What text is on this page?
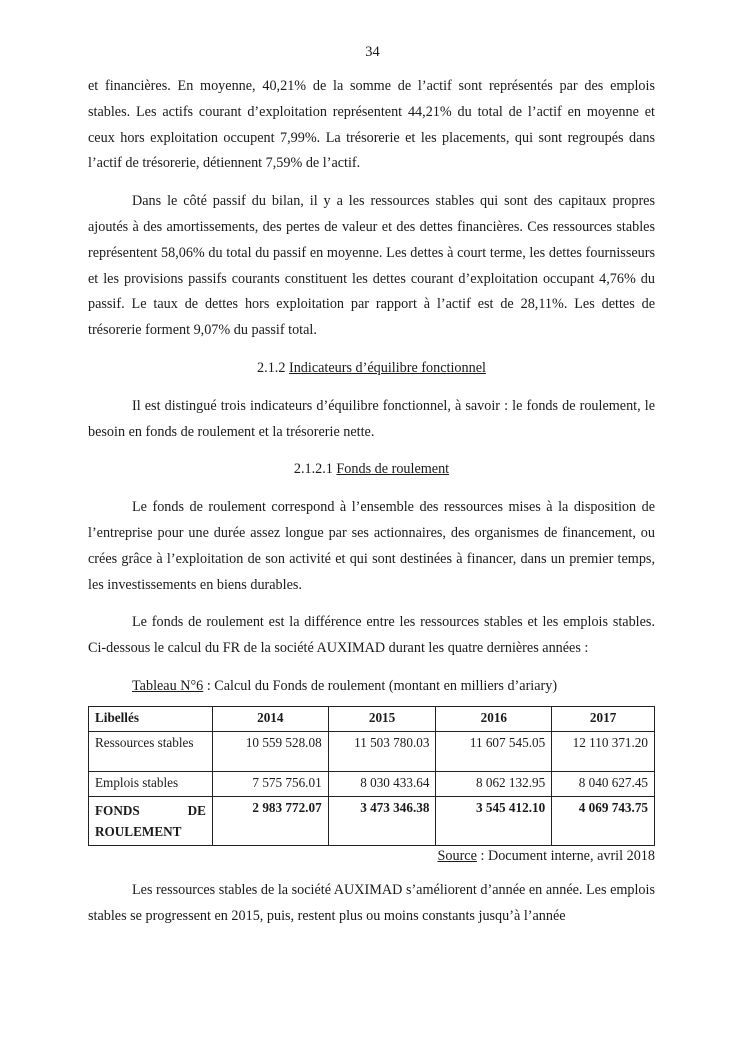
34

et financières. En moyenne, 40,21% de la somme de l’actif sont représentés par des emplois stables. Les actifs courant d’exploitation représentent 44,21% du total de l’actif en moyenne et ceux hors exploitation occupent 7,99%. La trésorerie et les placements, qui sont regroupés dans l’actif de trésorerie, détiennent 7,59% de l’actif.

Dans le côté passif du bilan, il y a les ressources stables qui sont des capitaux propres ajoutés à des amortissements, des pertes de valeur et des dettes financières. Ces ressources stables représentent 58,06% du total du passif en moyenne. Les dettes à court terme, les dettes fournisseurs et les provisions passifs courants constituent les dettes courant d’exploitation occupant 4,76% du passif. Le taux de dettes hors exploitation par rapport à l’actif est de 28,11%. Les dettes de trésorerie forment 9,07% du passif total.

2.1.2 Indicateurs d’équilibre fonctionnel

Il est distingué trois indicateurs d’équilibre fonctionnel, à savoir : le fonds de roulement, le besoin en fonds de roulement et la trésorerie nette.

2.1.2.1 Fonds de roulement

Le fonds de roulement correspond à l’ensemble des ressources mises à la disposition de l’entreprise pour une durée assez longue par ses actionnaires, des organismes de financement, ou crées grâce à l’exploitation de son activité et qui sont destinées à financer, dans un premier temps, les investissements en biens durables.

Le fonds de roulement est la différence entre les ressources stables et les emplois stables. Ci-dessous le calcul du FR de la société AUXIMAD durant les quatre dernières années :

Tableau N°6 : Calcul du Fonds de roulement (montant en milliers d’ariary)

Libellés	2014	2015	2016	2017
Ressources stables	10 559 528.08	11 503 780.03	11 607 545.05	12 110 371.20
Emplois stables	7 575 756.01	8 030 433.64	8 062 132.95	8 040 627.45

FONDS DE
ROULEMENT	2 983 772.07	3 473 346.38	3 545 412.10	4 069 743.75

Source : Document interne, avril 2018

Les ressources stables de la société AUXIMAD s’améliorent d’année en année. Les emplois stables se progressent en 2015, puis, restent plus ou moins constants jusqu’à l’année
